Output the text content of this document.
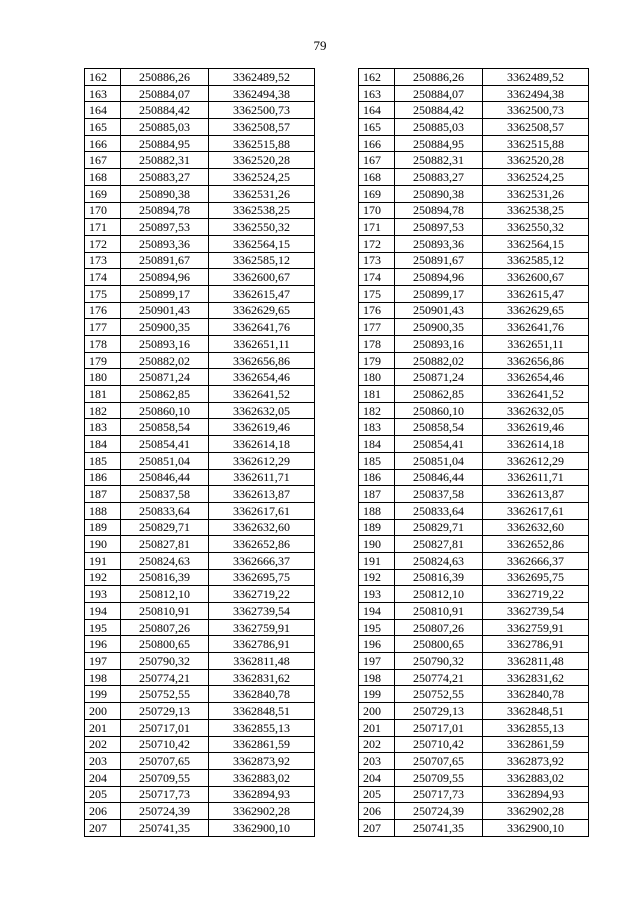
79
162	250886,26	3362489,52
163	250884,07	3362494,38
164	250884,42	3362500,73
165	250885,03	3362508,57
166	250884,95	3362515,88
167	250882,31	3362520,28
168	250883,27	3362524,25
169	250890,38	3362531,26
170	250894,78	3362538,25
171	250897,53	3362550,32
172	250893,36	3362564,15
173	250891,67	3362585,12
174	250894,96	3362600,67
175	250899,17	3362615,47
176	250901,43	3362629,65
177	250900,35	3362641,76
178	250893,16	3362651,11
179	250882,02	3362656,86
180	250871,24	3362654,46
181	250862,85	3362641,52
182	250860,10	3362632,05
183	250858,54	3362619,46
184	250854,41	3362614,18
185	250851,04	3362612,29
186	250846,44	3362611,71
187	250837,58	3362613,87
188	250833,64	3362617,61
189	250829,71	3362632,60
190	250827,81	3362652,86
191	250824,63	3362666,37
192	250816,39	3362695,75
193	250812,10	3362719,22
194	250810,91	3362739,54
195	250807,26	3362759,91
196	250800,65	3362786,91
197	250790,32	3362811,48
198	250774,21	3362831,62
199	250752,55	3362840,78
200	250729,13	3362848,51
201	250717,01	3362855,13
202	250710,42	3362861,59
203	250707,65	3362873,92
204	250709,55	3362883,02
205	250717,73	3362894,93
206	250724,39	3362902,28
207	250741,35	3362900,10
162	250886,26	3362489,52
163	250884,07	3362494,38
164	250884,42	3362500,73
165	250885,03	3362508,57
166	250884,95	3362515,88
167	250882,31	3362520,28
168	250883,27	3362524,25
169	250890,38	3362531,26
170	250894,78	3362538,25
171	250897,53	3362550,32
172	250893,36	3362564,15
173	250891,67	3362585,12
174	250894,96	3362600,67
175	250899,17	3362615,47
176	250901,43	3362629,65
177	250900,35	3362641,76
178	250893,16	3362651,11
179	250882,02	3362656,86
180	250871,24	3362654,46
181	250862,85	3362641,52
182	250860,10	3362632,05
183	250858,54	3362619,46
184	250854,41	3362614,18
185	250851,04	3362612,29
186	250846,44	3362611,71
187	250837,58	3362613,87
188	250833,64	3362617,61
189	250829,71	3362632,60
190	250827,81	3362652,86
191	250824,63	3362666,37
192	250816,39	3362695,75
193	250812,10	3362719,22
194	250810,91	3362739,54
195	250807,26	3362759,91
196	250800,65	3362786,91
197	250790,32	3362811,48
198	250774,21	3362831,62
199	250752,55	3362840,78
200	250729,13	3362848,51
201	250717,01	3362855,13
202	250710,42	3362861,59
203	250707,65	3362873,92
204	250709,55	3362883,02
205	250717,73	3362894,93
206	250724,39	3362902,28
207	250741,35	3362900,10
